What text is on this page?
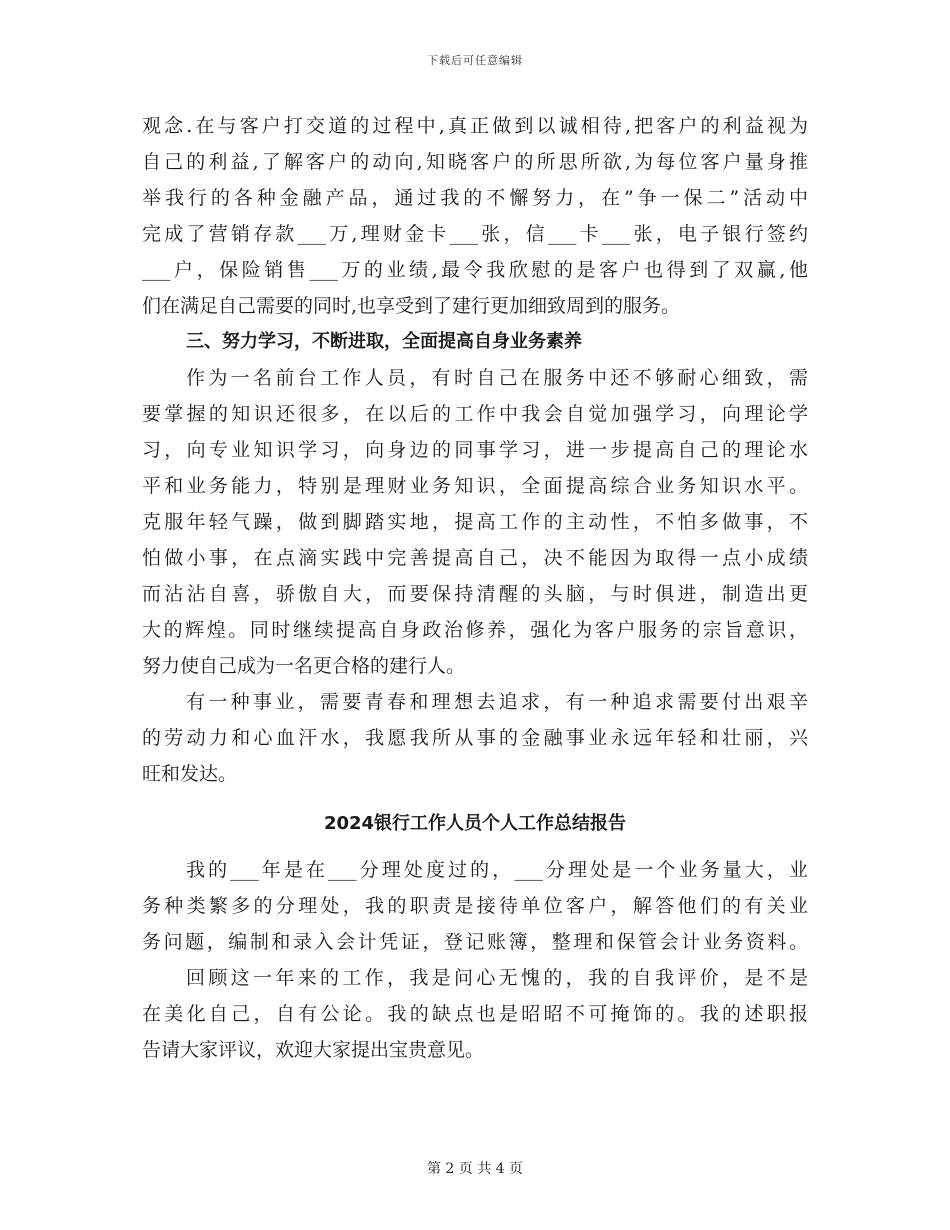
下载后可任意编辑
观念.在与客户打交道的过程中,真正做到以诚相待,把客户的利益视为
自己的利益,了解客户的动向,知晓客户的所思所欲,为每位客户量身推
举我行的各种金融产品，通过我的不懈努力，在”争一保二”活动中
完成了营销存款___万,理财金卡___张，信___卡___张，电子银行签约
___户，保险销售___万的业绩,最令我欣慰的是客户也得到了双赢,他
们在满足自己需要的同时,也享受到了建行更加细致周到的服务。
三、努力学习，不断进取，全面提高自身业务素养
作为一名前台工作人员，有时自己在服务中还不够耐心细致，需
要掌握的知识还很多，在以后的工作中我会自觉加强学习，向理论学
习，向专业知识学习，向身边的同事学习，进一步提高自己的理论水
平和业务能力，特别是理财业务知识，全面提高综合业务知识水平。
克服年轻气躁，做到脚踏实地，提高工作的主动性，不怕多做事，不
怕做小事，在点滴实践中完善提高自己，决不能因为取得一点小成绩
而沾沾自喜，骄傲自大，而要保持清醒的头脑，与时俱进，制造出更
大的辉煌。同时继续提高自身政治修养，强化为客户服务的宗旨意识，
努力使自己成为一名更合格的建行人。
有一种事业，需要青春和理想去追求，有一种追求需要付出艰辛
的劳动力和心血汗水，我愿我所从事的金融事业永远年轻和壮丽，兴
旺和发达。
2024银行工作人员个人工作总结报告
我的___年是在___分理处度过的，___分理处是一个业务量大，业
务种类繁多的分理处，我的职责是接待单位客户，解答他们的有关业
务问题，编制和录入会计凭证，登记账簿，整理和保管会计业务资料。
回顾这一年来的工作，我是问心无愧的，我的自我评价，是不是
在美化自己，自有公论。我的缺点也是昭昭不可掩饰的。我的述职报
告请大家评议，欢迎大家提出宝贵意见。
第 2 页 共 4 页
